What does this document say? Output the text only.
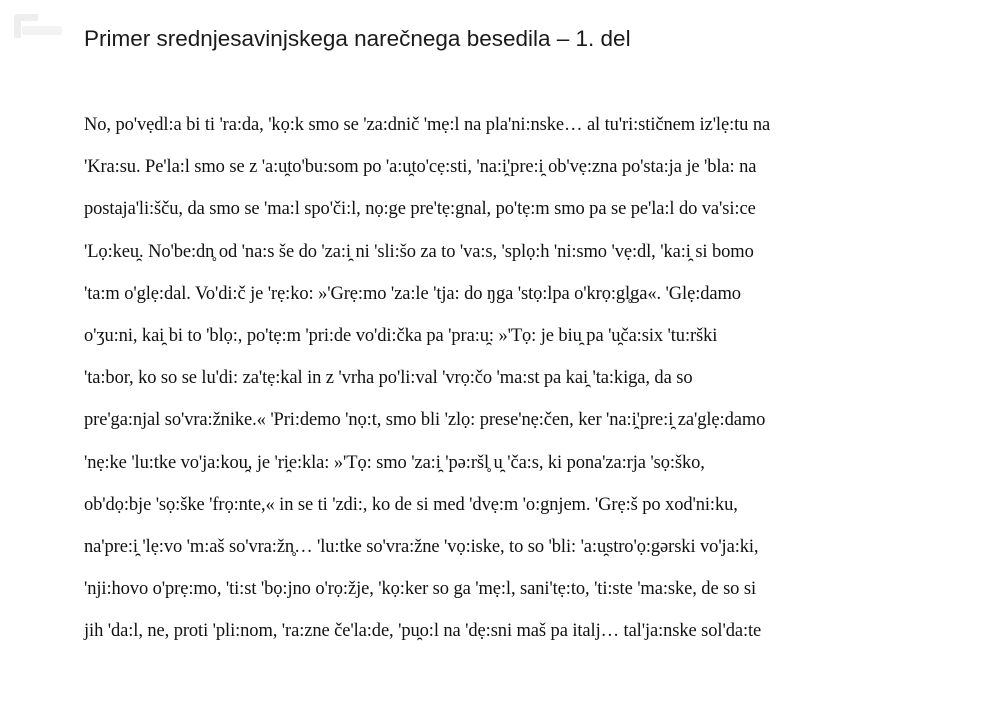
Primer srednjesavinjskega narečnega besedila – 1. del
No, po'vẹdl:a bi ti 'ra:da, 'kọ:k smo se 'za:dnič 'mẹ:l na pla'ni:nske… al tu'ri:stičnem iz'lẹ:tu na
'Kra:su. Pe'la:l smo se z 'a:u̯to'bu:som po 'a:u̯to'cẹ:sti, 'na:i̯'pre:i̯ ob'vẹ:zna po'sta:ja je 'bla: na
postaja'li:šču, da smo se 'ma:l spo'či:l, nọ:ge pre'tẹ:gnal, po'tẹ:m smo pa se pe'la:l do va'si:ce
'Lọ:keu̯. No'be:dn̥ od 'na:s še do 'za:i̯ ni 'sli:šo za to 'va:s, 'splọ:h 'ni:smo 'vẹ:dl, 'ka:i̯ si bomo
'ta:m o'glẹ:dal. Vo'di:č je 'rẹ:ko: »'Grẹ:mo 'za:le 'tja: do ŋga 'stọ:lpa o'krọ:gl̥ga«. 'Glẹ:damo
o'ʒu:ni, kai̯ bi to 'blọ:, po'tẹ:m 'pri:de vo'di:čka pa 'pra:u̯: »'Tọ: je biu̯ pa 'u̯ča:six 'tu:rški
'ta:bor, ko so se lu'di: za'tẹ:kal in z 'vrha po'li:val 'vrọ:čo 'ma:st pa kai̯ 'ta:kiga, da so
pre'ga:njal so'vra:žnike.« 'Pri:demo 'nọ:t, smo bli 'zlọ: prese'nẹ:čen, ker 'na:i̯'pre:i̯ za'glẹ:damo
'nẹ:ke 'lu:tke vo'ja:kou̯, je 'ri̯e:kla: »'Tọ: smo 'za:i̯ 'pə:ršl̥ u̯ 'ča:s, ki pona'za:rja 'sọ:ško,
ob'dọ:bje 'sọ:ške 'frọ:nte,« in se ti 'zdi:, ko de si med 'dvẹ:m 'o:gnjem. 'Grẹ:š po xod'ni:ku,
na'pre:i̯ 'lẹ:vo 'm:aš so'vra:žn̥… 'lu:tke so'vra:žne 'vọ:iske, to so 'bli: 'a:u̯stro'ọ:gərski vo'ja:ki,
'nji:hovo o'prẹ:mo, 'ti:st 'bọ:jno o'rọ:žje, 'kọ:ker so ga 'mẹ:l, sani'tẹ:to, 'ti:ste 'ma:ske, de so si
jih 'da:l, ne, proti 'pli:nom, 'ra:zne če'la:de, 'pu̯o:l na 'dẹ:sni maš pa italj… tal'ja:nske sol'da:te
